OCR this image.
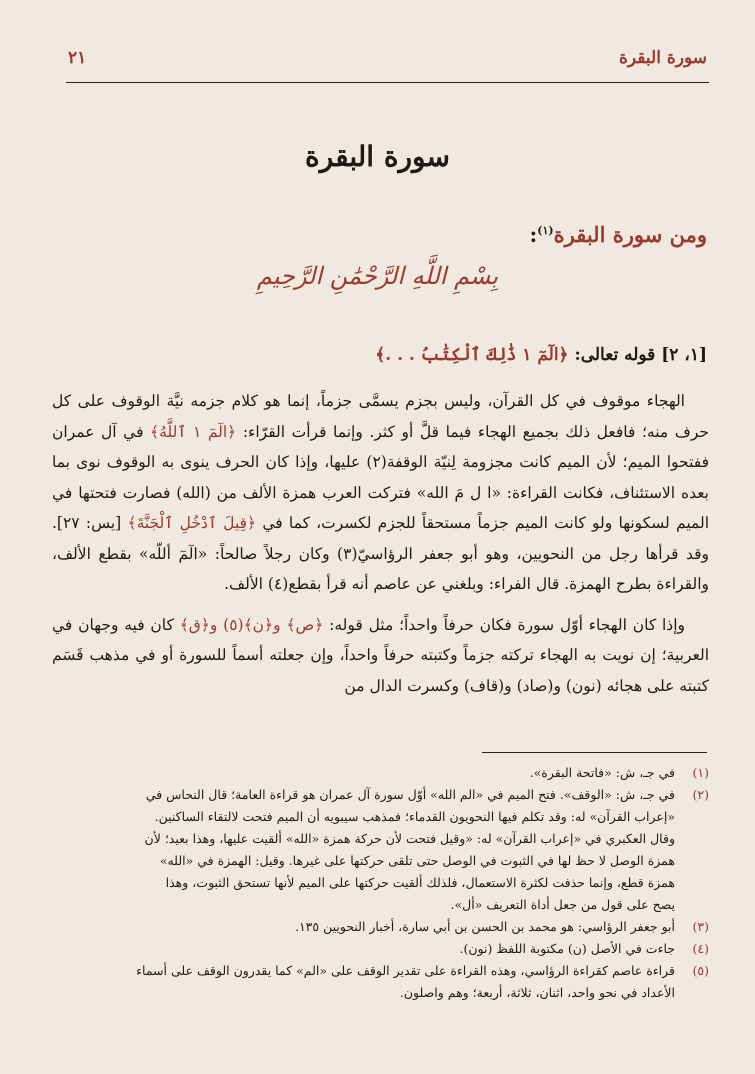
سورة البقرة
٢١
سورة البقرة
ومن سورة البقرة$^{(١)}$:
بِسْمِ اللَّهِ الرَّحْمَٰنِ الرَّحِيمِ
[١، ٢] قوله تعالى: ﴿الٓمٓ ١ ذَٰلِكَ ٱلْكِتَٰبُ . . .﴾

الهجاء موقوف في كل القرآن، وليس بجزم يسمَّى جزماً، إنما هو كلام جزمه نيَّة الوقوف على كل حرف منه؛ فافعل ذلك بجميع الهجاء فيما قلَّ أو كثر. وإنما قرأت القرّاء: ﴿الٓمٓ ١ ٱللَّهُ﴾ في آل عمران ففتحوا الميم؛ لأن الميم كانت مجزومة لِنيّة الوقفة(٢) عليها، وإذا كان الحرف ينوى به الوقوف نوى بما بعده الاستئناف، فكانت القراءة: «ا ل مَ الله» فتركت العرب همزة الألف من (الله) فصارت فتحتها في الميم لسكونها ولو كانت الميم جزماً مستحقاً للجزم لكسرت، كما في ﴿قِيلَ ٱدْخُلِ ٱلْجَنَّةَ﴾ [يس: ٢٧]. وقد قرأها رجل من النحويين، وهو أبو جعفر الرؤاسيّ(٣) وكان رجلاً صالحاً: «الٓمٓ أللّه» بقطع الألف، والقراءة بطرح الهمزة. قال الفراء: وبلغني عن عاصم أنه قرأ بقطع(٤) الألف.

وإذا كان الهجاء أوّل سورة فكان حرفاً واحداً؛ مثل قوله: ﴿ص﴾ و﴿ن﴾(٥) و﴿ق﴾ كان فيه وجهان في العربية؛ إن نويت به الهجاء تركته جزماً وكتبته حرفاً واحداً، وإن جعلته أسماً للسورة أو في مذهب قَسَم كتبته على هجائه (نون) و(صاد) و(قاف) وكسرت الدال من

(١)
في جـ، ش: «فاتحة البقرة».
(٢)
في جـ، ش: «الوقف». فتح الميم في «الم الله» أوّل سورة آل عمران هو قراءة العامة؛ قال النحاس في
«إعراب القرآن» له: وقد تكلم فيها النحويون القدماء؛ فمذهب سيبويه أن الميم فتحت لالتقاء الساكنين.
وقال العكبري في «إعراب القرآن» له: «وقيل فتحت لأن حركة همزة «الله» ألقيت عليها، وهذا بعيد؛ لأن
همزة الوصل لا حظ لها في الثبوت في الوصل حتى تلقى حركتها على غيرها. وقيل: الهمزة في «الله»
همزة قطع، وإنما حذفت لكثرة الاستعمال، فلذلك ألقيت حركتها على الميم لأنها تستحق الثبوت، وهذا
يصح على قول من جعل أداة التعريف «أل».
(٣)
أبو جعفر الرؤاسي: هو محمد بن الحسن بن أبي سارة، أخبار النحويين ١٣٥.
(٤)
جاءت في الأصل (ن) مكتوبة اللفظ (نون).
(٥)
قراءة عاصم كقراءة الرؤاسي، وهذه القراءة على تقدير الوقف على «الم» كما يقدرون الوقف على أسماء
الأعداد في نحو واحد، اثنان، ثلاثة، أربعة؛ وهم واصلون.
